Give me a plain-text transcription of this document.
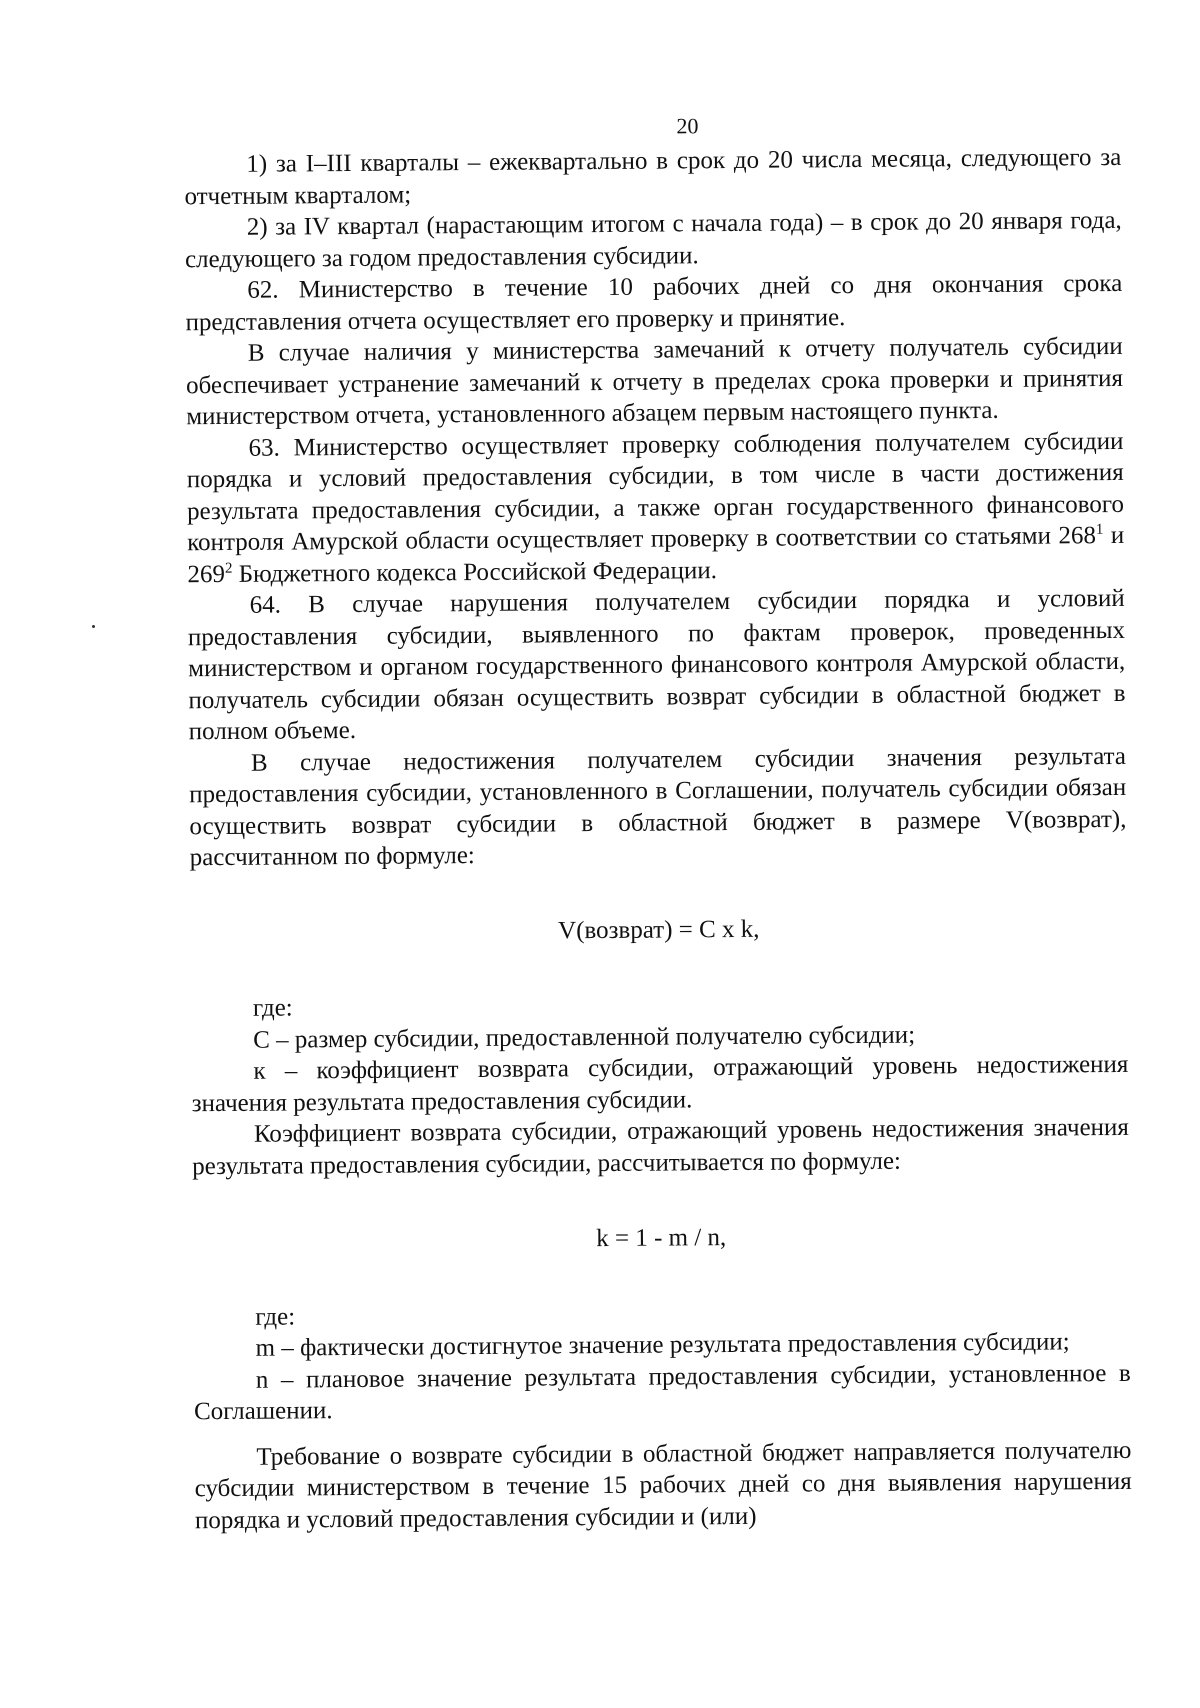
20

1) за I–III кварталы – ежеквартально в срок до 20 числа месяца, следующего за отчетным кварталом;

2) за IV квартал (нарастающим итогом с начала года) – в срок до 20 января года, следующего за годом предоставления субсидии.

62. Министерство в течение 10 рабочих дней со дня окончания срока представления отчета осуществляет его проверку и принятие.

В случае наличия у министерства замечаний к отчету получатель субсидии обеспечивает устранение замечаний к отчету в пределах срока проверки и принятия министерством отчета, установленного абзацем первым настоящего пункта.

63. Министерство осуществляет проверку соблюдения получателем субсидии порядка и условий предоставления субсидии, в том числе в части достижения результата предоставления субсидии, а также орган государственного финансового контроля Амурской области осуществляет проверку в соответствии со статьями $268^1$ и $269^2$ Бюджетного кодекса Российской Федерации.

64. В случае нарушения получателем субсидии порядка и условий предоставления субсидии, выявленного по фактам проверок, проведенных министерством и органом государственного финансового контроля Амурской области, получатель субсидии обязан осуществить возврат субсидии в областной бюджет в полном объеме.

В случае недостижения получателем субсидии значения результата предоставления субсидии, установленного в Соглашении, получатель субсидии обязан осуществить возврат субсидии в областной бюджет в размере V(возврат), рассчитанном по формуле:

V(возврат) = C x k,

где:

С – размер субсидии, предоставленной получателю субсидии;

к – коэффициент возврата субсидии, отражающий уровень недостижения значения результата предоставления субсидии.

Коэффициент возврата субсидии, отражающий уровень недостижения значения результата предоставления субсидии, рассчитывается по формуле:

k = 1 - m / n,

где:

m – фактически достигнутое значение результата предоставления субсидии;

n – плановое значение результата предоставления субсидии, установленное в Соглашении.

Требование о возврате субсидии в областной бюджет направляется получателю субсидии министерством в течение 15 рабочих дней со дня выявления нарушения порядка и условий предоставления субсидии и (или)
